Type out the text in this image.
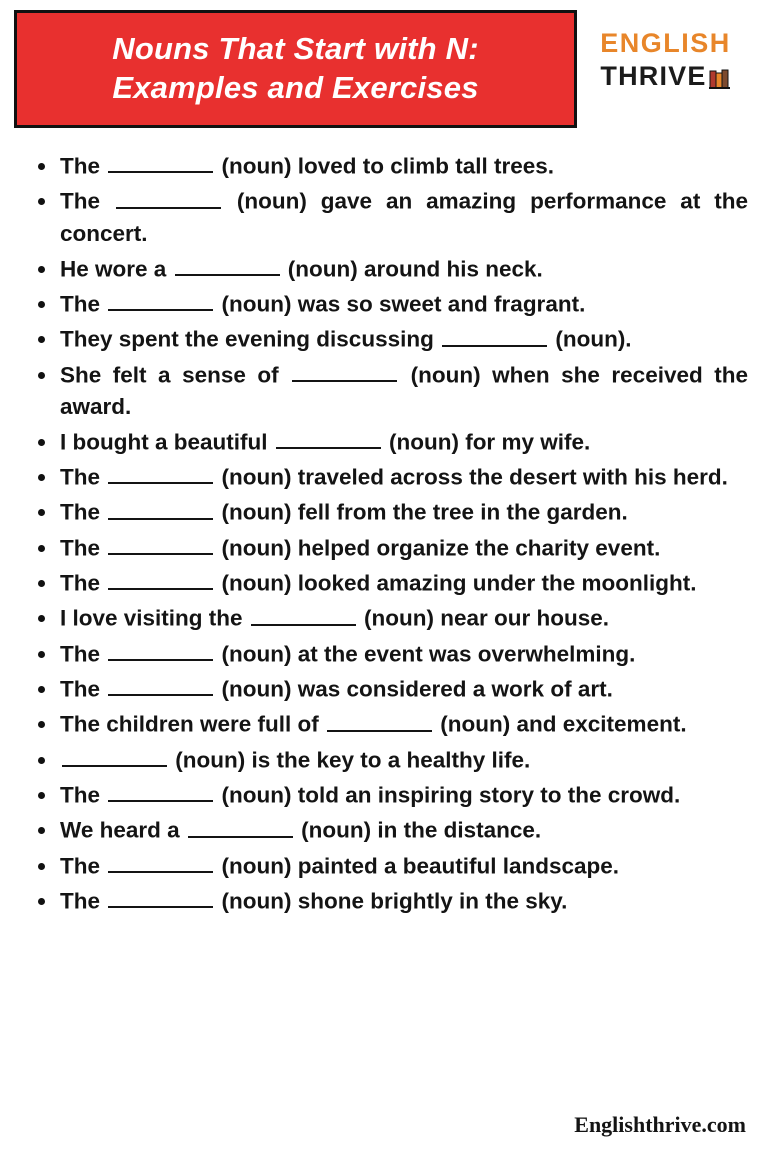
Nouns That Start with N:
Examples and Exercises
ENGLISH
THRIVE
The	(noun) loved to climb tall trees.
The	(noun) gave an amazing performance at the concert.
He wore a	(noun) around his neck.
The	(noun) was so sweet and fragrant.
They spent the evening discussing	(noun).
She felt a sense of	(noun) when she received the award.
I bought a beautiful	(noun) for my wife.
The	(noun) traveled across the desert with his herd.
The	(noun) fell from the tree in the garden.
The	(noun) helped organize the charity event.
The	(noun) looked amazing under the moonlight.
I love visiting the	(noun) near our house.
The	(noun) at the event was overwhelming.
The	(noun) was considered a work of art.
The children were full of	(noun) and excitement.
(noun) is the key to a healthy life.
The	(noun) told an inspiring story to the crowd.
We heard a	(noun) in the distance.
The	(noun) painted a beautiful landscape.
The	(noun) shone brightly in the sky.
Englishthrive.com
